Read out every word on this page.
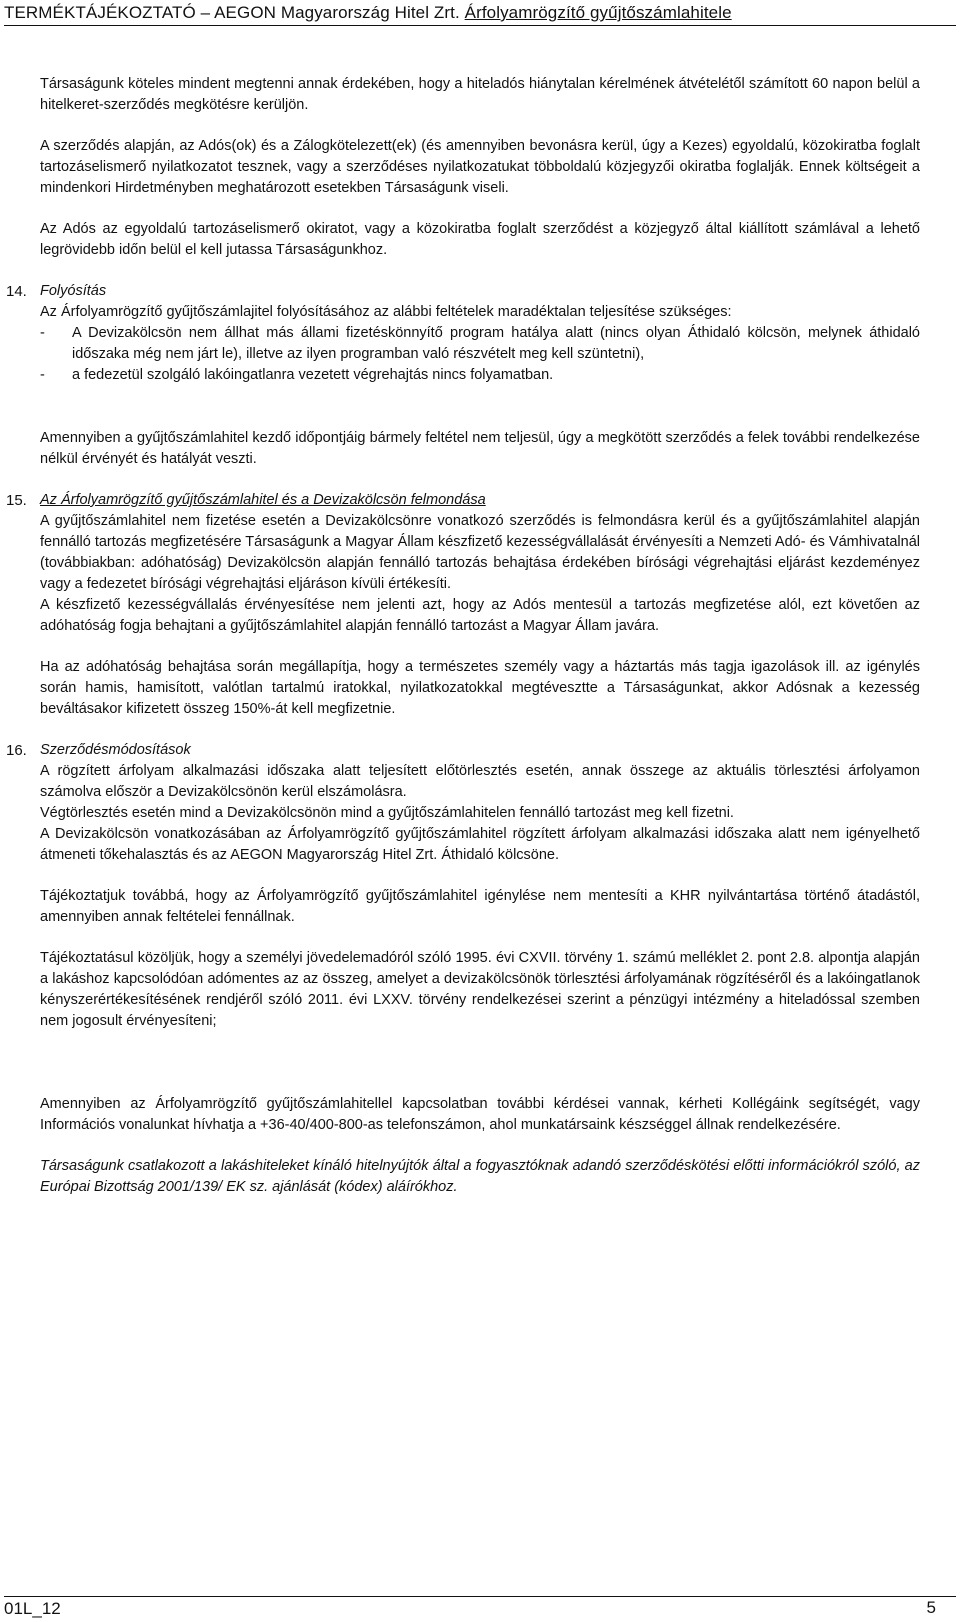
TERMÉKTÁJÉKOZTATÓ – AEGON Magyarország Hitel Zrt. Árfolyamrögzítő gyűjtőszámlahitele

Társaságunk köteles mindent megtenni annak érdekében, hogy a hiteladós hiánytalan kérelmének átvételétől számított 60 napon belül a hitelkeret-szerződés megkötésre kerüljön.

A szerződés alapján, az Adós(ok) és a Zálogkötelezett(ek) (és amennyiben bevonásra kerül, úgy a Kezes) egyoldalú, közokiratba foglalt tartozáselismerő nyilatkozatot tesznek, vagy a szerződéses nyilatkozatukat többoldalú közjegyzői okiratba foglalják. Ennek költségeit a mindenkori Hirdetményben meghatározott esetekben Társaságunk viseli.

Az Adós az egyoldalú tartozáselismerő okiratot, vagy a közokiratba foglalt szerződést a közjegyző által kiállított számlával a lehető legrövidebb időn belül el kell jutassa Társaságunkhoz.

14. Folyósítás

Az Árfolyamrögzítő gyűjtőszámlajitel folyósításához az alábbi feltételek maradéktalan teljesítése szükséges:

- A Devizakölcsön nem állhat más állami fizetéskönnyítő program hatálya alatt (nincs olyan Áthidaló kölcsön, melynek áthidaló időszaka még nem járt le), illetve az ilyen programban való részvételt meg kell szüntetni),
- a fedezetül szolgáló lakóingatlanra vezetett végrehajtás nincs folyamatban.

Amennyiben a gyűjtőszámlahitel kezdő időpontjáig bármely feltétel nem teljesül, úgy a megkötött szerződés a felek további rendelkezése nélkül érvényét és hatályát veszti.

15. Az Árfolyamrögzítő gyűjtőszámlahitel és a Devizakölcsön felmondása

A gyűjtőszámlahitel nem fizetése esetén a Devizakölcsönre vonatkozó szerződés is felmondásra kerül és a gyűjtőszámlahitel alapján fennálló tartozás megfizetésére Társaságunk a Magyar Állam készfizető kezességvállalását érvényesíti a Nemzeti Adó- és Vámhivatalnál (továbbiakban: adóhatóság) Devizakölcsön alapján fennálló tartozás behajtása érdekében bírósági végrehajtási eljárást kezdeményez vagy a fedezetet bírósági végrehajtási eljáráson kívüli értékesíti.

A készfizető kezességvállalás érvényesítése nem jelenti azt, hogy az Adós mentesül a tartozás megfizetése alól, ezt követően az adóhatóság fogja behajtani a gyűjtőszámlahitel alapján fennálló tartozást a Magyar Állam javára.

Ha az adóhatóság behajtása során megállapítja, hogy a természetes személy vagy a háztartás más tagja igazolások ill. az igénylés során hamis, hamisított, valótlan tartalmú iratokkal, nyilatkozatokkal megtévesztte a Társaságunkat, akkor Adósnak a kezesség beváltásakor kifizetett összeg 150%-át kell megfizetnie.

16. Szerződésmódosítások

A rögzített árfolyam alkalmazási időszaka alatt teljesített előtörlesztés esetén, annak összege az aktuális törlesztési árfolyamon számolva először a Devizakölcsönön kerül elszámolásra.

Végtörlesztés esetén mind a Devizakölcsönön mind a gyűjtőszámlahitelen fennálló tartozást meg kell fizetni.

A Devizakölcsön vonatkozásában az Árfolyamrögzítő gyűjtőszámlahitel rögzített árfolyam alkalmazási időszaka alatt nem igényelhető átmeneti tőkehalasztás és az AEGON Magyarország Hitel Zrt. Áthidaló kölcsöne.

Tájékoztatjuk továbbá, hogy az Árfolyamrögzítő gyűjtőszámlahitel igénylése nem mentesíti a KHR nyilvántartása történő átadástól, amennyiben annak feltételei fennállnak.

Tájékoztatásul közöljük, hogy a személyi jövedelemadóról szóló 1995. évi CXVII. törvény 1. számú melléklet 2. pont 2.8. alpontja alapján a lakáshoz kapcsolódóan adómentes az az összeg, amelyet a devizakölcsönök törlesztési árfolyamának rögzítéséről és a lakóingatlanok kényszerértékesítésének rendjéről szóló 2011. évi LXXV. törvény rendelkezései szerint a pénzügyi intézmény a hiteladóssal szemben nem jogosult érvényesíteni;

Amennyiben az Árfolyamrögzítő gyűjtőszámlahitellel kapcsolatban további kérdései vannak, kérheti Kollégáink segítségét, vagy Információs vonalunkat hívhatja a +36-40/400-800-as telefonszámon, ahol munkatársaink készséggel állnak rendelkezésére.

Társaságunk csatlakozott a lakáshiteleket kínáló hitelnyújtók által a fogyasztóknak adandó szerződéskötési előtti információkról szóló, az Európai Bizottság 2001/139/ EK sz. ajánlását (kódex) aláírókhoz.

01L_12	5
